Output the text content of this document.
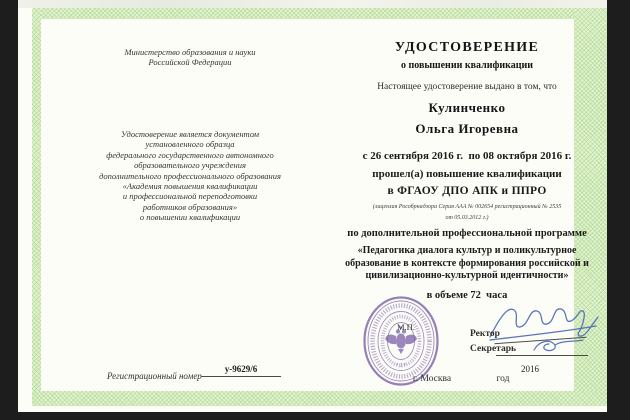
Министерство образования и науки
Российской Федерации
Удостоверение является документом
установленного образца
федерального государственного автономного
образовательного учреждения
дополнительного профессионального образования
«Академия повышения квалификации
и профессиональной переподготовки
работников образования»
о повышении квалификации
Регистрационный номер
у-9629/6
УДОСТОВЕРЕНИЕ
о повышении квалификации
Настоящее удостоверение выдано в том, что
Кулинченко
Ольга Игоревна
с 26 сентября 2016 г.  по 08 октября 2016 г.
прошел(а) повышение квалификации
в ФГАОУ ДПО АПК и ППРО
(лицензия Рособрнадзора Серия ААА № 002654 регистрационный № 2535
от 05.03.2012 г.)
по дополнительной профессиональной программе
«Педагогика диалога культур и поликультурное
образование в контексте формирования российской и
цивилизационно-культурной идентичности»
в объеме 72  часа
* 2 *
М.П.
Ректор
Секретарь
г. Москва	год
2016
